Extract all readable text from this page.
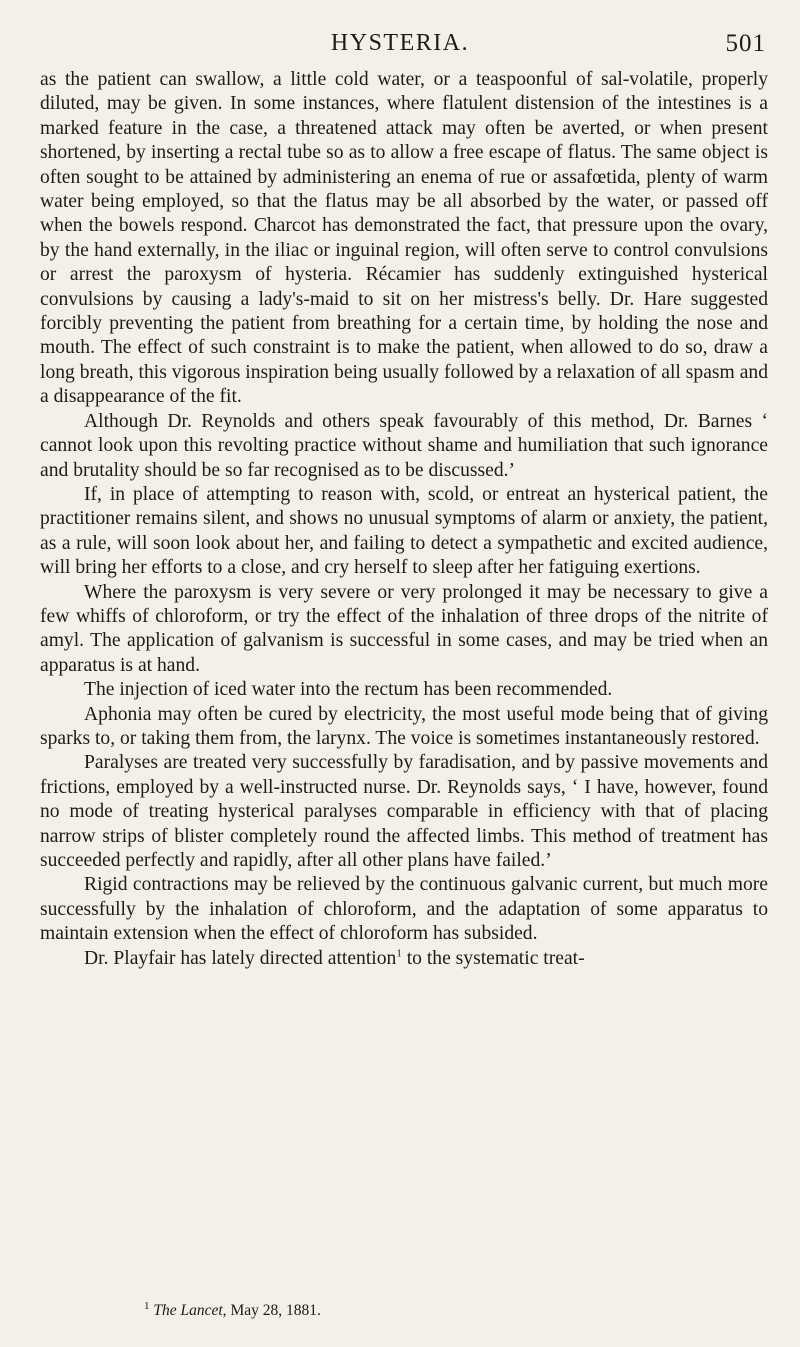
HYSTERIA.	501

as the patient can swallow, a little cold water, or a teaspoonful of sal-volatile, properly diluted, may be given. In some instances, where flatulent distension of the intestines is a marked feature in the case, a threatened attack may often be averted, or when present shortened, by inserting a rectal tube so as to allow a free escape of flatus. The same object is often sought to be attained by administering an enema of rue or assafœtida, plenty of warm water being employed, so that the flatus may be all absorbed by the water, or passed off when the bowels respond. Charcot has demonstrated the fact, that pressure upon the ovary, by the hand externally, in the iliac or inguinal region, will often serve to control convulsions or arrest the paroxysm of hysteria. Récamier has suddenly extinguished hysterical convulsions by causing a lady's-maid to sit on her mistress's belly. Dr. Hare suggested forcibly preventing the patient from breathing for a certain time, by holding the nose and mouth. The effect of such constraint is to make the patient, when allowed to do so, draw a long breath, this vigorous inspiration being usually followed by a relaxation of all spasm and a disappearance of the fit.

Although Dr. Reynolds and others speak favourably of this method, Dr. Barnes ‘ cannot look upon this revolting practice without shame and humiliation that such ignorance and brutality should be so far recognised as to be discussed.’

If, in place of attempting to reason with, scold, or entreat an hysterical patient, the practitioner remains silent, and shows no unusual symptoms of alarm or anxiety, the patient, as a rule, will soon look about her, and failing to detect a sympathetic and excited audience, will bring her efforts to a close, and cry herself to sleep after her fatiguing exertions.

Where the paroxysm is very severe or very prolonged it may be necessary to give a few whiffs of chloroform, or try the effect of the inhalation of three drops of the nitrite of amyl. The application of galvanism is successful in some cases, and may be tried when an apparatus is at hand.

The injection of iced water into the rectum has been recommended.

Aphonia may often be cured by electricity, the most useful mode being that of giving sparks to, or taking them from, the larynx. The voice is sometimes instantaneously restored.

Paralyses are treated very successfully by faradisation, and by passive movements and frictions, employed by a well-instructed nurse. Dr. Reynolds says, ‘ I have, however, found no mode of treating hysterical paralyses comparable in efficiency with that of placing narrow strips of blister completely round the affected limbs. This method of treatment has succeeded perfectly and rapidly, after all other plans have failed.’

Rigid contractions may be relieved by the continuous galvanic current, but much more successfully by the inhalation of chloroform, and the adaptation of some apparatus to maintain extension when the effect of chloroform has subsided.

Dr. Playfair has lately directed attention$^1$ to the systematic treat-

$^1$ The Lancet, May 28, 1881.
